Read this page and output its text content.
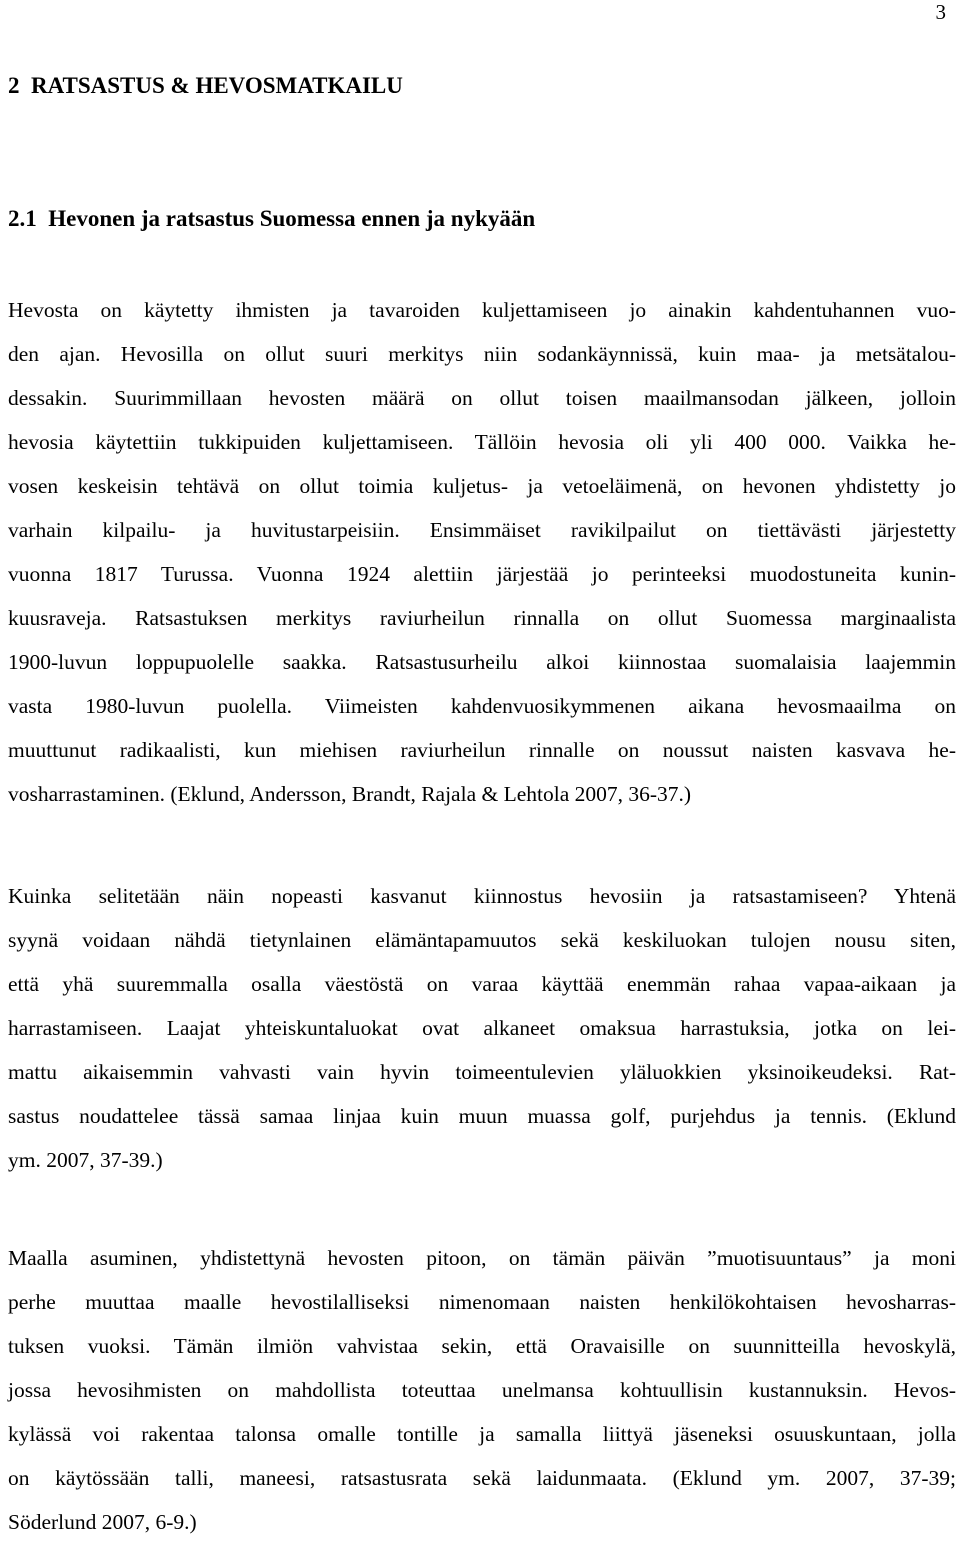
3
2  RATSASTUS & HEVOSMATKAILU
2.1  Hevonen ja ratsastus Suomessa ennen ja nykyään
Hevosta on käytetty ihmisten ja tavaroiden kuljettamiseen jo ainakin kahdentuhannen vuo-
den ajan. Hevosilla on ollut suuri merkitys niin sodankäynnissä, kuin maa- ja metsätalou-
dessakin. Suurimmillaan hevosten määrä on ollut toisen maailmansodan jälkeen, jolloin
hevosia käytettiin tukkipuiden kuljettamiseen. Tällöin hevosia oli yli 400 000. Vaikka he-
vosen keskeisin tehtävä on ollut toimia kuljetus- ja vetoeläimenä, on hevonen yhdistetty jo
varhain kilpailu- ja huvitustarpeisiin. Ensimmäiset ravikilpailut on tiettävästi järjestetty
vuonna 1817 Turussa. Vuonna 1924 alettiin järjestää jo perinteeksi muodostuneita kunin-
kuusraveja. Ratsastuksen merkitys raviurheilun rinnalla on ollut Suomessa marginaalista
1900-luvun loppupuolelle saakka. Ratsastusurheilu alkoi kiinnostaa suomalaisia laajemmin
vasta 1980-luvun puolella. Viimeisten kahdenvuosikymmenen aikana hevosmaailma on
muuttunut radikaalisti, kun miehisen raviurheilun rinnalle on noussut naisten kasvava he-
vosharrastaminen. (Eklund, Andersson, Brandt, Rajala & Lehtola 2007, 36-37.)
Kuinka selitetään näin nopeasti kasvanut kiinnostus hevosiin ja ratsastamiseen? Yhtenä
syynä voidaan nähdä tietynlainen elämäntapamuutos sekä keskiluokan tulojen nousu siten,
että yhä suuremmalla osalla väestöstä on varaa käyttää enemmän rahaa vapaa-aikaan ja
harrastamiseen. Laajat yhteiskuntaluokat ovat alkaneet omaksua harrastuksia, jotka on lei-
mattu aikaisemmin vahvasti vain hyvin toimeentulevien yläluokkien yksinoikeudeksi. Rat-
sastus noudattelee tässä samaa linjaa kuin muun muassa golf, purjehdus ja tennis. (Eklund
ym. 2007, 37-39.)
Maalla asuminen, yhdistettynä hevosten pitoon, on tämän päivän ”muotisuuntaus” ja moni
perhe muuttaa maalle hevostilalliseksi nimenomaan naisten henkilökohtaisen hevosharras-
tuksen vuoksi. Tämän ilmiön vahvistaa sekin, että Oravaisille on suunnitteilla hevoskylä,
jossa hevosihmisten on mahdollista toteuttaa unelmansa kohtuullisin kustannuksin. Hevos-
kylässä voi rakentaa talonsa omalle tontille ja samalla liittyä jäseneksi osuuskuntaan, jolla
on käytössään talli, maneesi, ratsastusrata sekä laidunmaata. (Eklund ym. 2007, 37-39;
Söderlund 2007, 6-9.)
